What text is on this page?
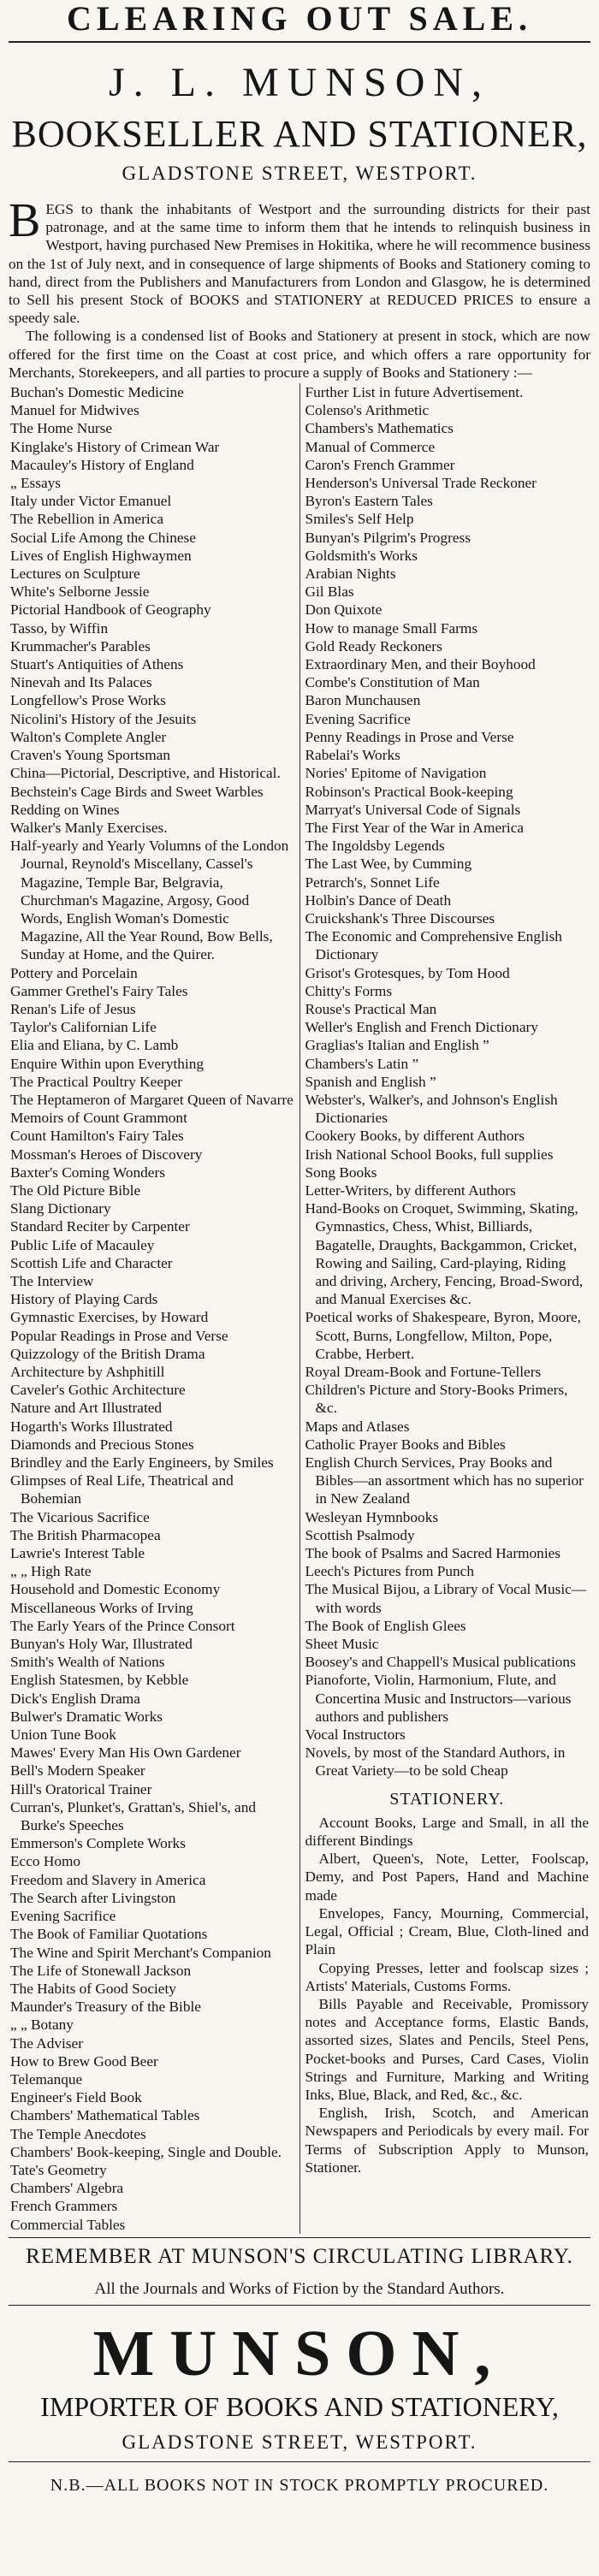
CLEARING OUT SALE.
J. L. MUNSON,
BOOKSELLER AND STATIONER,
GLADSTONE STREET, WESTPORT.

BEGS to thank the inhabitants of Westport and the surrounding districts for their past patronage, and at the same time to inform them that he intends to relinquish business in Westport, having purchased New Premises in Hokitika, where he will recommence business on the 1st of July next, and in consequence of large shipments of Books and Stationery coming to hand, direct from the Publishers and Manufacturers from London and Glasgow, he is determined to Sell his present Stock of BOOKS and STATIONERY at REDUCED PRICES to ensure a speedy sale.

The following is a condensed list of Books and Stationery at present in stock, which are now offered for the first time on the Coast at cost price, and which offers a rare opportunity for Merchants, Storekeepers, and all parties to procure a supply of Books and Stationery :—

Buchan's Domestic Medicine
Manuel for Midwives
The Home Nurse
Kinglake's History of Crimean War
Macauley's History of England
„ Essays
Italy under Victor Emanuel
The Rebellion in America
Social Life Among the Chinese
Lives of English Highwaymen
Lectures on Sculpture
White's Selborne Jessie
Pictorial Handbook of Geography
Tasso, by Wiffin
Krummacher's Parables
Stuart's Antiquities of Athens
Ninevah and Its Palaces
Longfellow's Prose Works
Nicolini's History of the Jesuits
Walton's Complete Angler
Craven's Young Sportsman
China—Pictorial, Descriptive, and Historical.
Bechstein's Cage Birds and Sweet Warbles
Redding on Wines
Walker's Manly Exercises.
Half-yearly and Yearly Volumns of the London Journal, Reynold's Miscellany, Cassel's Magazine, Temple Bar, Belgravia, Churchman's Magazine, Argosy, Good Words, English Woman's Domestic Magazine, All the Year Round, Bow Bells, Sunday at Home, and the Quirer.
Pottery and Porcelain
Gammer Grethel's Fairy Tales
Renan's Life of Jesus
Taylor's Californian Life
Elia and Eliana, by C. Lamb
Enquire Within upon Everything
The Practical Poultry Keeper
The Heptameron of Margaret Queen of Navarre
Memoirs of Count Grammont
Count Hamilton's Fairy Tales
Mossman's Heroes of Discovery
Baxter's Coming Wonders
The Old Picture Bible
Slang Dictionary
Standard Reciter by Carpenter
Public Life of Macauley
Scottish Life and Character
The Interview
History of Playing Cards
Gymnastic Exercises, by Howard
Popular Readings in Prose and Verse
Quizzology of the British Drama
Architecture by Ashphitill
Caveler's Gothic Architecture
Nature and Art Illustrated
Hogarth's Works Illustrated
Diamonds and Precious Stones
Brindley and the Early Engineers, by Smiles
Glimpses of Real Life, Theatrical and Bohemian
The Vicarious Sacrifice
The British Pharmacopea
Lawrie's Interest Table
„ „ High Rate
Household and Domestic Economy
Miscellaneous Works of Irving
The Early Years of the Prince Consort
Bunyan's Holy War, Illustrated
Smith's Wealth of Nations
English Statesmen, by Kebble
Dick's English Drama
Bulwer's Dramatic Works
Union Tune Book
Mawes' Every Man His Own Gardener
Bell's Modern Speaker
Hill's Oratorical Trainer
Curran's, Plunket's, Grattan's, Shiel's, and Burke's Speeches
Emmerson's Complete Works
Ecco Homo
Freedom and Slavery in America
The Search after Livingston
Evening Sacrifice
The Book of Familiar Quotations
The Wine and Spirit Merchant's Companion
The Life of Stonewall Jackson
The Habits of Good Society
Maunder's Treasury of the Bible
„ „ Botany
The Adviser
How to Brew Good Beer
Telemanque
Engineer's Field Book
Chambers' Mathematical Tables
The Temple Anecdotes
Chambers' Book-keeping, Single and Double.
Tate's Geometry
Chambers' Algebra
French Grammers
Commercial Tables
Further List in future Advertisement.
Colenso's Arithmetic
Chambers's Mathematics
Manual of Commerce
Caron's French Grammer
Henderson's Universal Trade Reckoner
Byron's Eastern Tales
Smiles's Self Help
Bunyan's Pilgrim's Progress
Goldsmith's Works
Arabian Nights
Gil Blas
Don Quixote
How to manage Small Farms
Gold Ready Reckoners
Extraordinary Men, and their Boyhood
Combe's Constitution of Man
Baron Munchausen
Evening Sacrifice
Penny Readings in Prose and Verse
Rabelai's Works
Nories' Epitome of Navigation
Robinson's Practical Book-keeping
Marryat's Universal Code of Signals
The First Year of the War in America
The Ingoldsby Legends
The Last Wee, by Cumming
Petrarch's, Sonnet Life
Holbin's Dance of Death
Cruickshank's Three Discourses
The Economic and Comprehensive English Dictionary
Grisot's Grotesques, by Tom Hood
Chitty's Forms
Rouse's Practical Man
Weller's English and French Dictionary
Graglias's Italian and English ”
Chambers's Latin ”
Spanish and English ”
Webster's, Walker's, and Johnson's English Dictionaries
Cookery Books, by different Authors
Irish National School Books, full supplies
Song Books
Letter-Writers, by different Authors
Hand-Books on Croquet, Swimming, Skating, Gymnastics, Chess, Whist, Billiards, Bagatelle, Draughts, Backgammon, Cricket, Rowing and Sailing, Card-playing, Riding and driving, Archery, Fencing, Broad-Sword, and Manual Exercises &c.
Poetical works of Shakespeare, Byron, Moore, Scott, Burns, Longfellow, Milton, Pope, Crabbe, Herbert.
Royal Dream-Book and Fortune-Tellers
Children's Picture and Story-Books Primers, &c.
Maps and Atlases
Catholic Prayer Books and Bibles
English Church Services, Pray Books and Bibles—an assortment which has no superior in New Zealand
Wesleyan Hymnbooks
Scottish Psalmody
The book of Psalms and Sacred Harmonies
Leech's Pictures from Punch
The Musical Bijou, a Library of Vocal Music—with words
The Book of English Glees
Sheet Music
Boosey's and Chappell's Musical publications
Pianoforte, Violin, Harmonium, Flute, and Concertina Music and Instructors—various authors and publishers
Vocal Instructors
Novels, by most of the Standard Authors, in Great Variety—to be sold Cheap
STATIONERY.
Account Books, Large and Small, in all the different Bindings
Albert, Queen's, Note, Letter, Foolscap, Demy, and Post Papers, Hand and Machine made
Envelopes, Fancy, Mourning, Commercial, Legal, Official ; Cream, Blue, Cloth-lined and Plain
Copying Presses, letter and foolscap sizes ; Artists' Materials, Customs Forms.
Bills Payable and Receivable, Promissory notes and Acceptance forms, Elastic Bands, assorted sizes, Slates and Pencils, Steel Pens, Pocket-books and Purses, Card Cases, Violin Strings and Furniture, Marking and Writing Inks, Blue, Black, and Red, &c., &c.
English, Irish, Scotch, and American Newspapers and Periodicals by every mail. For Terms of Subscription Apply to Munson, Stationer.
REMEMBER AT MUNSON'S CIRCULATING LIBRARY.
All the Journals and Works of Fiction by the Standard Authors.
MUNSON,
IMPORTER OF BOOKS AND STATIONERY,
GLADSTONE STREET, WESTPORT.
N.B.—ALL BOOKS NOT IN STOCK PROMPTLY PROCURED.
